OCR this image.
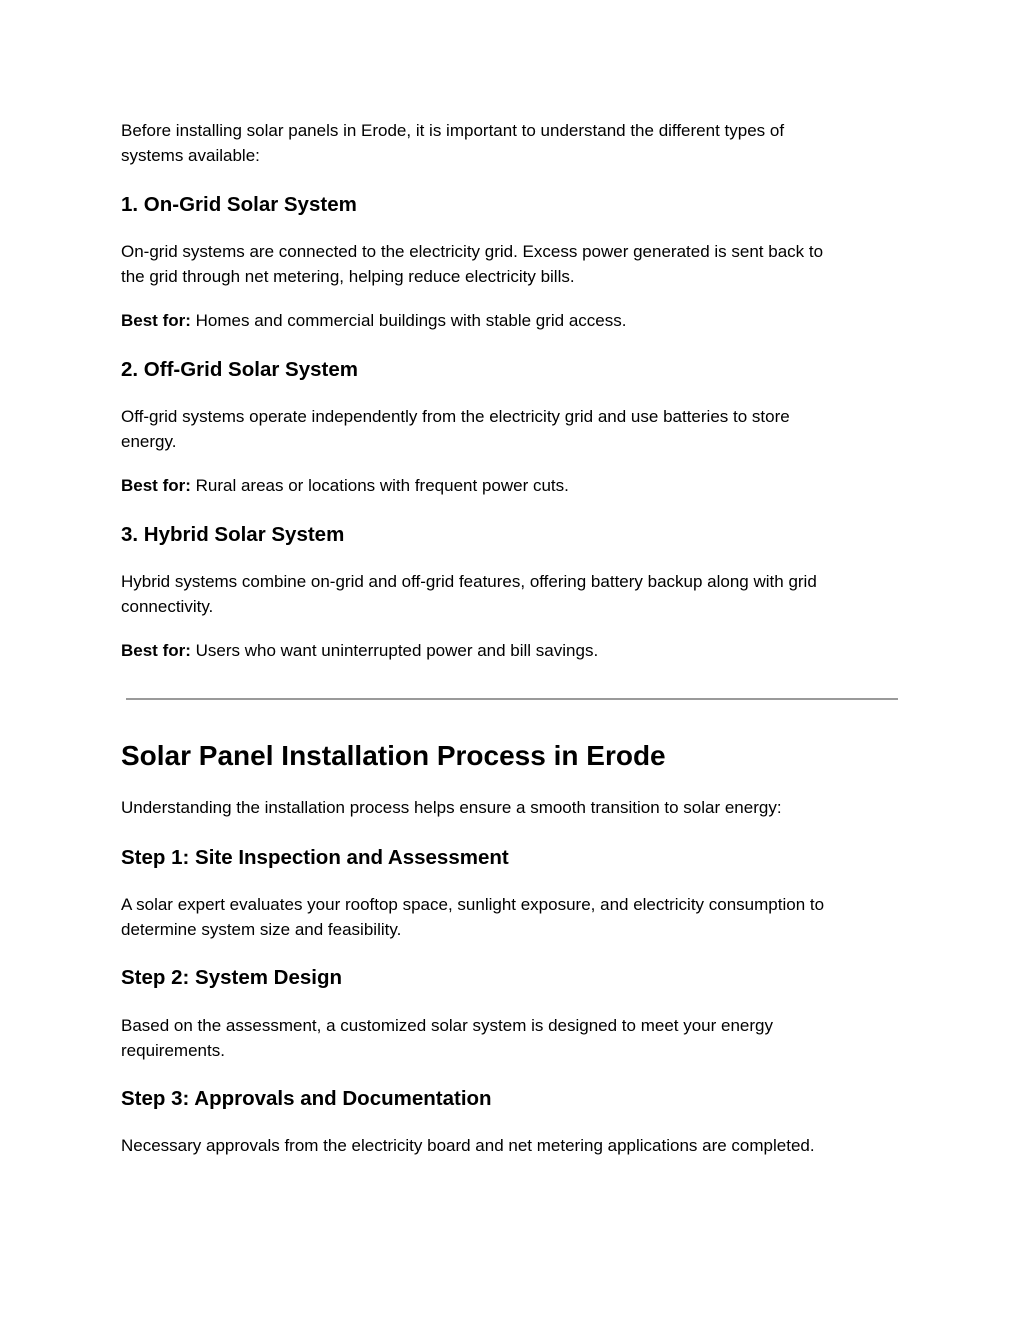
Before installing solar panels in Erode, it is important to understand the different types of

systems available:

1. On-Grid Solar System

On-grid systems are connected to the electricity grid. Excess power generated is sent back to

the grid through net metering, helping reduce electricity bills.

Best for: Homes and commercial buildings with stable grid access.

2. Off-Grid Solar System

Off-grid systems operate independently from the electricity grid and use batteries to store

energy.

Best for: Rural areas or locations with frequent power cuts.

3. Hybrid Solar System

Hybrid systems combine on-grid and off-grid features, offering battery backup along with grid

connectivity.

Best for: Users who want uninterrupted power and bill savings.

Solar Panel Installation Process in Erode

Understanding the installation process helps ensure a smooth transition to solar energy:

Step 1: Site Inspection and Assessment

A solar expert evaluates your rooftop space, sunlight exposure, and electricity consumption to

determine system size and feasibility.

Step 2: System Design

Based on the assessment, a customized solar system is designed to meet your energy

requirements.

Step 3: Approvals and Documentation

Necessary approvals from the electricity board and net metering applications are completed.
